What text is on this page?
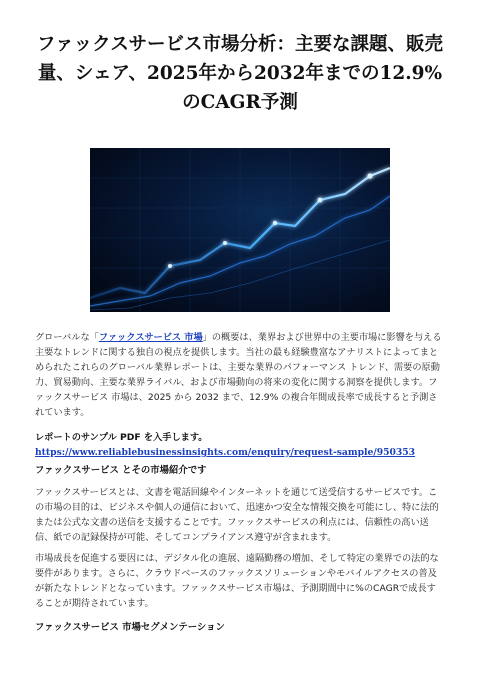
ファックスサービス市場分析：主要な課題、販売量、シェア、2025年から2032年までの12.9%のCAGR予測
グローバルな「ファックスサービス 市場」の概要は、業界および世界中の主要市場に影響を与える主要なトレンドに関する独自の視点を提供します。当社の最も経験豊富なアナリストによってまとめられたこれらのグローバル業界レポートは、主要な業界のパフォーマンス トレンド、需要の原動力、貿易動向、主要な業界ライバル、および市場動向の将来の変化に関する洞察を提供します。ファックスサービス 市場は、2025 から 2032 まで、12.9% の複合年間成長率で成長すると予測されています。
レポートのサンプル PDF を入手します。
https://www.reliablebusinessinsights.com/enquiry/request-sample/950353
ファックスサービス とその市場紹介です
ファックスサービスとは、文書を電話回線やインターネットを通じて送受信するサービスです。この市場の目的は、ビジネスや個人の通信において、迅速かつ安全な情報交換を可能にし、特に法的または公式な文書の送信を支援することです。ファックスサービスの利点には、信頼性の高い送信、紙での記録保持が可能、そしてコンプライアンス遵守が含まれます。
市場成長を促進する要因には、デジタル化の進展、遠隔勤務の増加、そして特定の業界での法的な要件があります。さらに、クラウドベースのファックスソリューションやモバイルアクセスの普及が新たなトレンドとなっています。ファックスサービス市場は、予測期間中に%のCAGRで成長することが期待されています。
ファックスサービス 市場セグメンテーション
